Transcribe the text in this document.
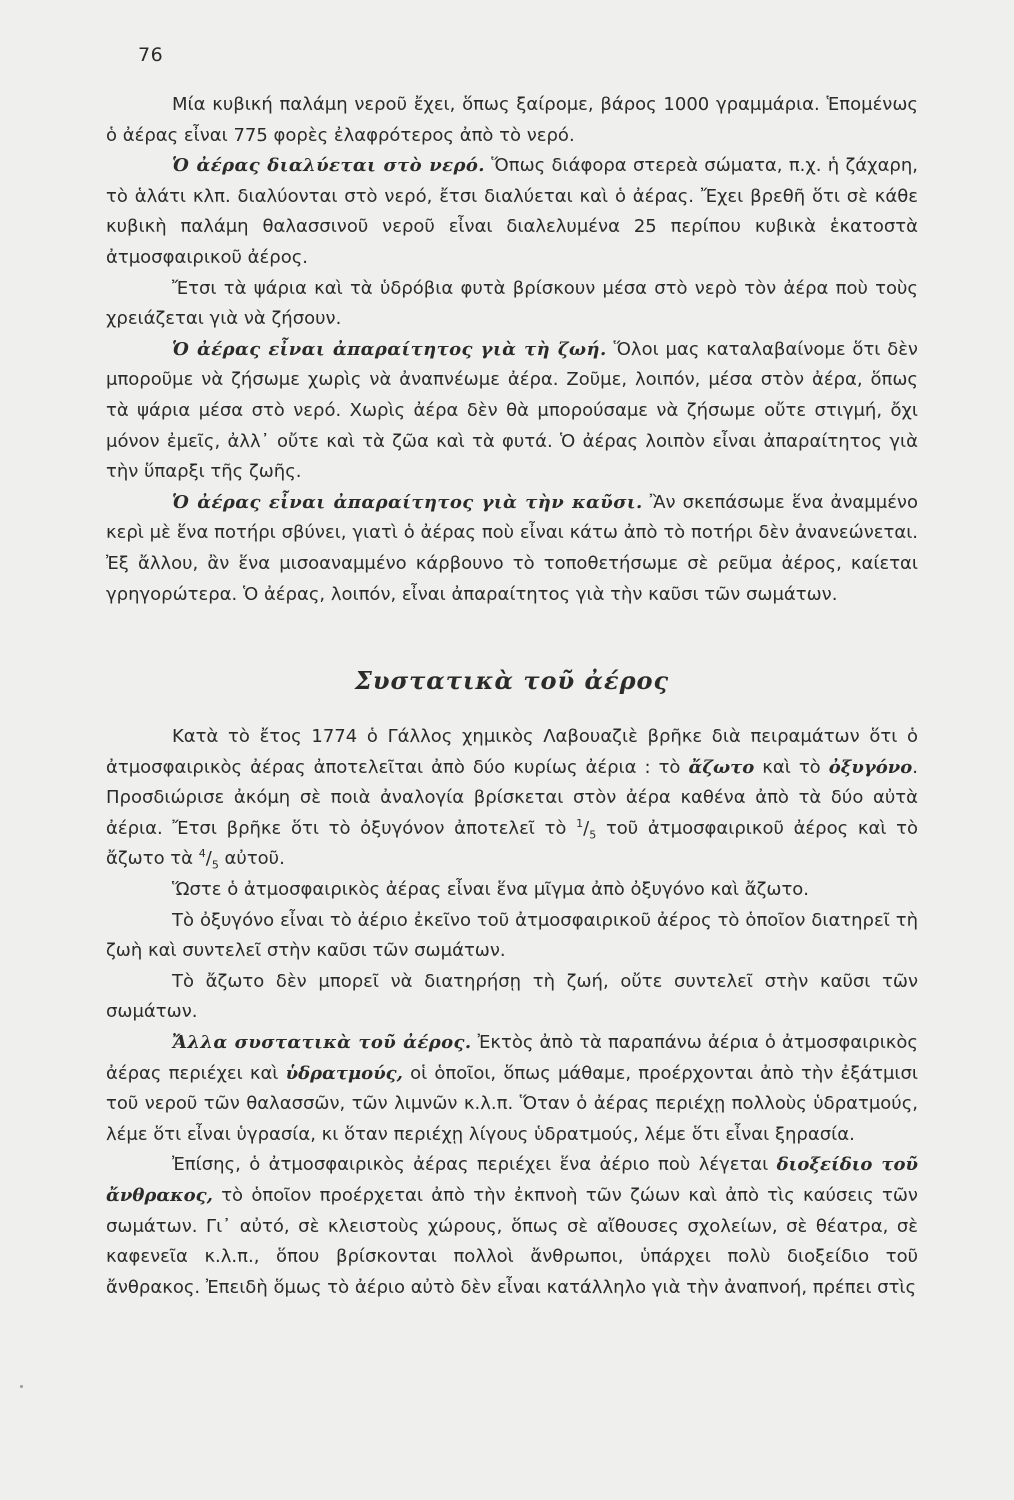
76

Μία κυβική παλάμη νεροῦ ἔχει, ὅπως ξαίρομε, βάρος 1000 γραμμάρια. Ἑπομένως ὁ ἀέρας εἶναι 775 φορὲς ἐλαφρότερος ἀπὸ τὸ νερό.

Ὁ ἀέρας διαλύεται στὸ νερό. Ὅπως διάφορα στερεὰ σώματα, π.χ. ἡ ζάχαρη, τὸ ἁλάτι κλπ. διαλύονται στὸ νερό, ἔτσι διαλύεται καὶ ὁ ἀέρας. Ἔχει βρεθῆ ὅτι σὲ κάθε κυβικὴ παλάμη θαλασσινοῦ νεροῦ εἶναι διαλελυμένα 25 περίπου κυβικὰ ἑκατοστὰ ἀτμοσφαιρικοῦ ἀέρος.

Ἔτσι τὰ ψάρια καὶ τὰ ὑδρόβια φυτὰ βρίσκουν μέσα στὸ νερὸ τὸν ἀέρα ποὺ τοὺς χρειάζεται γιὰ νὰ ζήσουν.

Ὁ ἀέρας εἶναι ἀπαραίτητος γιὰ τὴ ζωή. Ὅλοι μας καταλαβαίνομε ὅτι δὲν μποροῦμε νὰ ζήσωμε χωρὶς νὰ ἀναπνέωμε ἀέρα. Ζοῦμε, λοιπόν, μέσα στὸν ἀέρα, ὅπως τὰ ψάρια μέσα στὸ νερό. Χωρὶς ἀέρα δὲν θὰ μπορούσαμε νὰ ζήσωμε οὔτε στιγμή, ὄχι μόνον ἐμεῖς, ἀλλ᾽ οὔτε καὶ τὰ ζῶα καὶ τὰ φυτά. Ὁ ἀέρας λοιπὸν εἶναι ἀπαραίτητος γιὰ τὴν ὕπαρξι τῆς ζωῆς.

Ὁ ἀέρας εἶναι ἀπαραίτητος γιὰ τὴν καῦσι. Ἂν σκεπάσωμε ἕνα ἀναμμένο κερὶ μὲ ἕνα ποτήρι σβύνει, γιατὶ ὁ ἀέρας ποὺ εἶναι κάτω ἀπὸ τὸ ποτήρι δὲν ἀνανεώνεται. Ἐξ ἄλλου, ἂν ἕνα μισοαναμμένο κάρβουνο τὸ τοποθετήσωμε σὲ ρεῦμα ἀέρος, καίεται γρηγορώτερα. Ὁ ἀέρας, λοιπόν, εἶναι ἀπαραίτητος γιὰ τὴν καῦσι τῶν σωμάτων.

Συστατικὰ τοῦ ἀέρος

Κατὰ τὸ ἔτος 1774 ὁ Γάλλος χημικὸς Λαβουαζιὲ βρῆκε διὰ πειραμάτων ὅτι ὁ ἀτμοσφαιρικὸς ἀέρας ἀποτελεῖται ἀπὸ δύο κυρίως ἀέρια : τὸ ἄζωτο καὶ τὸ ὀξυγόνο. Προσδιώρισε ἀκόμη σὲ ποιὰ ἀναλογία βρίσκεται στὸν ἀέρα καθένα ἀπὸ τὰ δύο αὐτὰ ἀέρια. Ἔτσι βρῆκε ὅτι τὸ ὀξυγόνον ἀποτελεῖ τὸ $^1/_5$ τοῦ ἀτμοσφαιρικοῦ ἀέρος καὶ τὸ ἄζωτο τὰ $^4/_5$ αὐτοῦ.

Ὥστε ὁ ἀτμοσφαιρικὸς ἀέρας εἶναι ἕνα μῖγμα ἀπὸ ὀξυγόνο καὶ ἄζωτο.

Τὸ ὀξυγόνο εἶναι τὸ ἀέριο ἐκεῖνο τοῦ ἀτμοσφαιρικοῦ ἀέρος τὸ ὁποῖον διατηρεῖ τὴ ζωὴ καὶ συντελεῖ στὴν καῦσι τῶν σωμάτων.

Τὸ ἄζωτο δὲν μπορεῖ νὰ διατηρήσῃ τὴ ζωή, οὔτε συντελεῖ στὴν καῦσι τῶν σωμάτων.

Ἄλλα συστατικὰ τοῦ ἀέρος. Ἐκτὸς ἀπὸ τὰ παραπάνω ἀέρια ὁ ἀτμοσφαιρικὸς ἀέρας περιέχει καὶ ὑδρατμούς, οἱ ὁποῖοι, ὅπως μάθαμε, προέρχονται ἀπὸ τὴν ἐξάτμισι τοῦ νεροῦ τῶν θαλασσῶν, τῶν λιμνῶν κ.λ.π. Ὅταν ὁ ἀέρας περιέχῃ πολλοὺς ὑδρατμούς, λέμε ὅτι εἶναι ὑγρασία, κι ὅταν περιέχῃ λίγους ὑδρατμούς, λέμε ὅτι εἶναι ξηρασία.

Ἐπίσης, ὁ ἀτμοσφαιρικὸς ἀέρας περιέχει ἕνα ἀέριο ποὺ λέγεται διοξείδιο τοῦ ἄνθρακος, τὸ ὁποῖον προέρχεται ἀπὸ τὴν ἐκπνοὴ τῶν ζώων καὶ ἀπὸ τὶς καύσεις τῶν σωμάτων. Γι᾽ αὐτό, σὲ κλειστοὺς χώρους, ὅπως σὲ αἴθουσες σχολείων, σὲ θέατρα, σὲ καφενεῖα κ.λ.π., ὅπου βρίσκονται πολλοὶ ἄνθρωποι, ὑπάρχει πολὺ διοξείδιο τοῦ ἄνθρακος. Ἐπειδὴ ὅμως τὸ ἀέριο αὐτὸ δὲν εἶναι κατάλληλο γιὰ τὴν ἀναπνοή, πρέπει στὶς
